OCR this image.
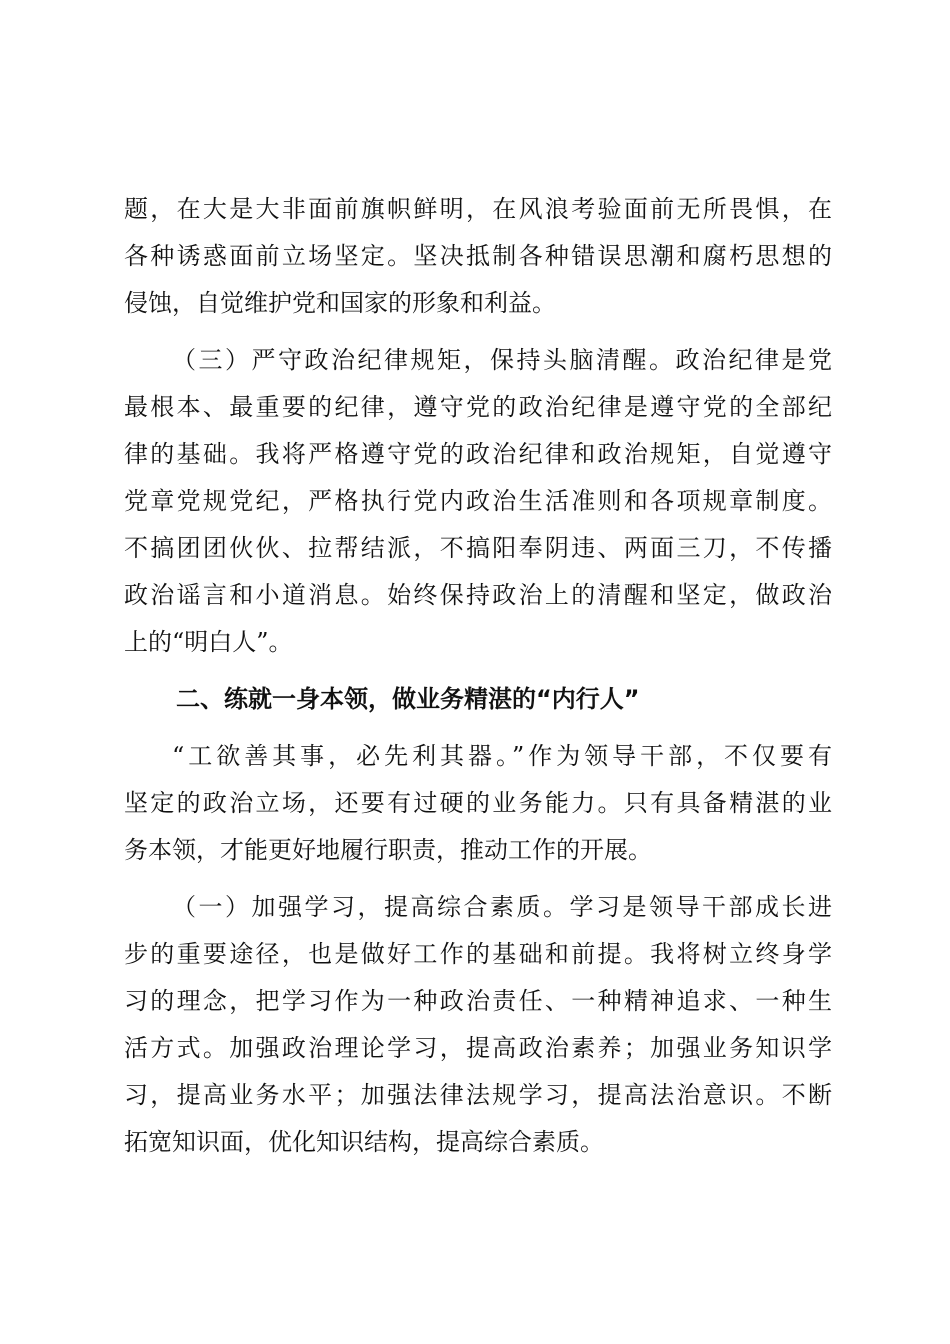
题，在大是大非面前旗帜鲜明，在风浪考验面前无所畏惧，在
各种诱惑面前立场坚定。坚决抵制各种错误思潮和腐朽思想的
侵蚀，自觉维护党和国家的形象和利益。
（三）严守政治纪律规矩，保持头脑清醒。政治纪律是党
最根本、最重要的纪律，遵守党的政治纪律是遵守党的全部纪
律的基础。我将严格遵守党的政治纪律和政治规矩，自觉遵守
党章党规党纪，严格执行党内政治生活准则和各项规章制度。
不搞团团伙伙、拉帮结派，不搞阳奉阴违、两面三刀，不传播
政治谣言和小道消息。始终保持政治上的清醒和坚定，做政治
上的“明白人”。
二、练就一身本领，做业务精湛的“内行人”
“工欲善其事，必先利其器。”作为领导干部，不仅要有
坚定的政治立场，还要有过硬的业务能力。只有具备精湛的业
务本领，才能更好地履行职责，推动工作的开展。
（一）加强学习，提高综合素质。学习是领导干部成长进
步的重要途径，也是做好工作的基础和前提。我将树立终身学
习的理念，把学习作为一种政治责任、一种精神追求、一种生
活方式。加强政治理论学习，提高政治素养；加强业务知识学
习，提高业务水平；加强法律法规学习，提高法治意识。不断
拓宽知识面，优化知识结构，提高综合素质。
